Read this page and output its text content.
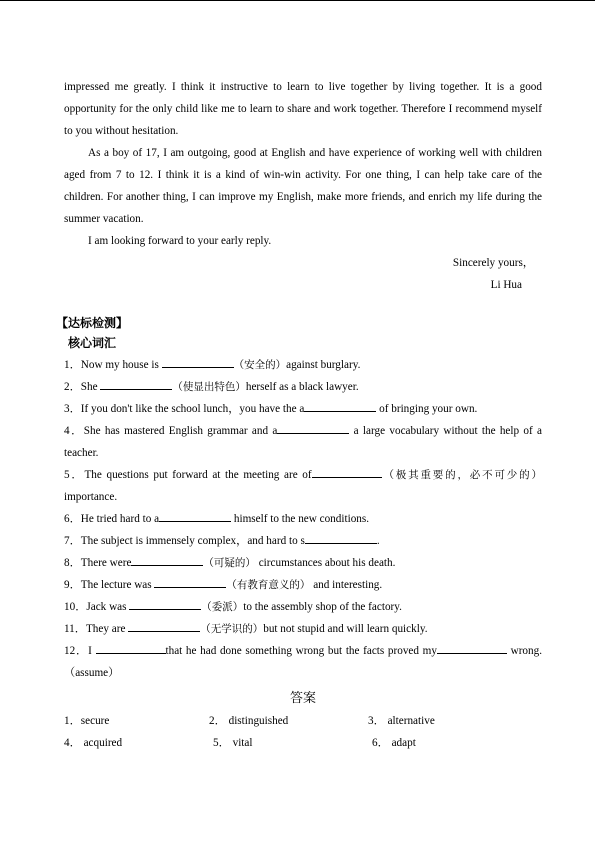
impressed me greatly. I think it instructive to learn to live together by living together. It is a good opportunity for the only child like me to learn to share and work together. Therefore I recommend myself to you without hesitation.

As a boy of 17, I am outgoing, good at English and have experience of working well with children aged from 7 to 12. I think it is a kind of win-win activity. For one thing, I can help take care of the children. For another thing, I can improve my English, make more friends, and enrich my life during the summer vacation.

I am looking forward to your early reply.

Sincerely yours，
Li Hua
【达标检测】
核心词汇

1．Now my house is	（安全的）against burglary.

2．She	（使显出特色）herself as a black lawyer.

3．If you don't like the school lunch，you have the a	of bringing your own.

4．She has mastered English grammar and a	a large vocabulary without the help of a teacher.

5．The questions put forward at the meeting are of	（极其重要的，必不可少的）importance.

6．He tried hard to a	himself to the new conditions.

7．The subject is immensely complex，and hard to s	.

8．There were	（可疑的） circumstances about his death.

9．The lecture was	（有教育意义的） and interesting.

10．Jack was	（委派）to the assembly shop of the factory.

11．They are	（无学识的）but not stupid and will learn quickly.

12．I	that he had done something wrong but the facts proved my	wrong.（assume）

答案
1．secure	2． distinguished	3． alternative
4． acquired	5． vital	6． adapt
